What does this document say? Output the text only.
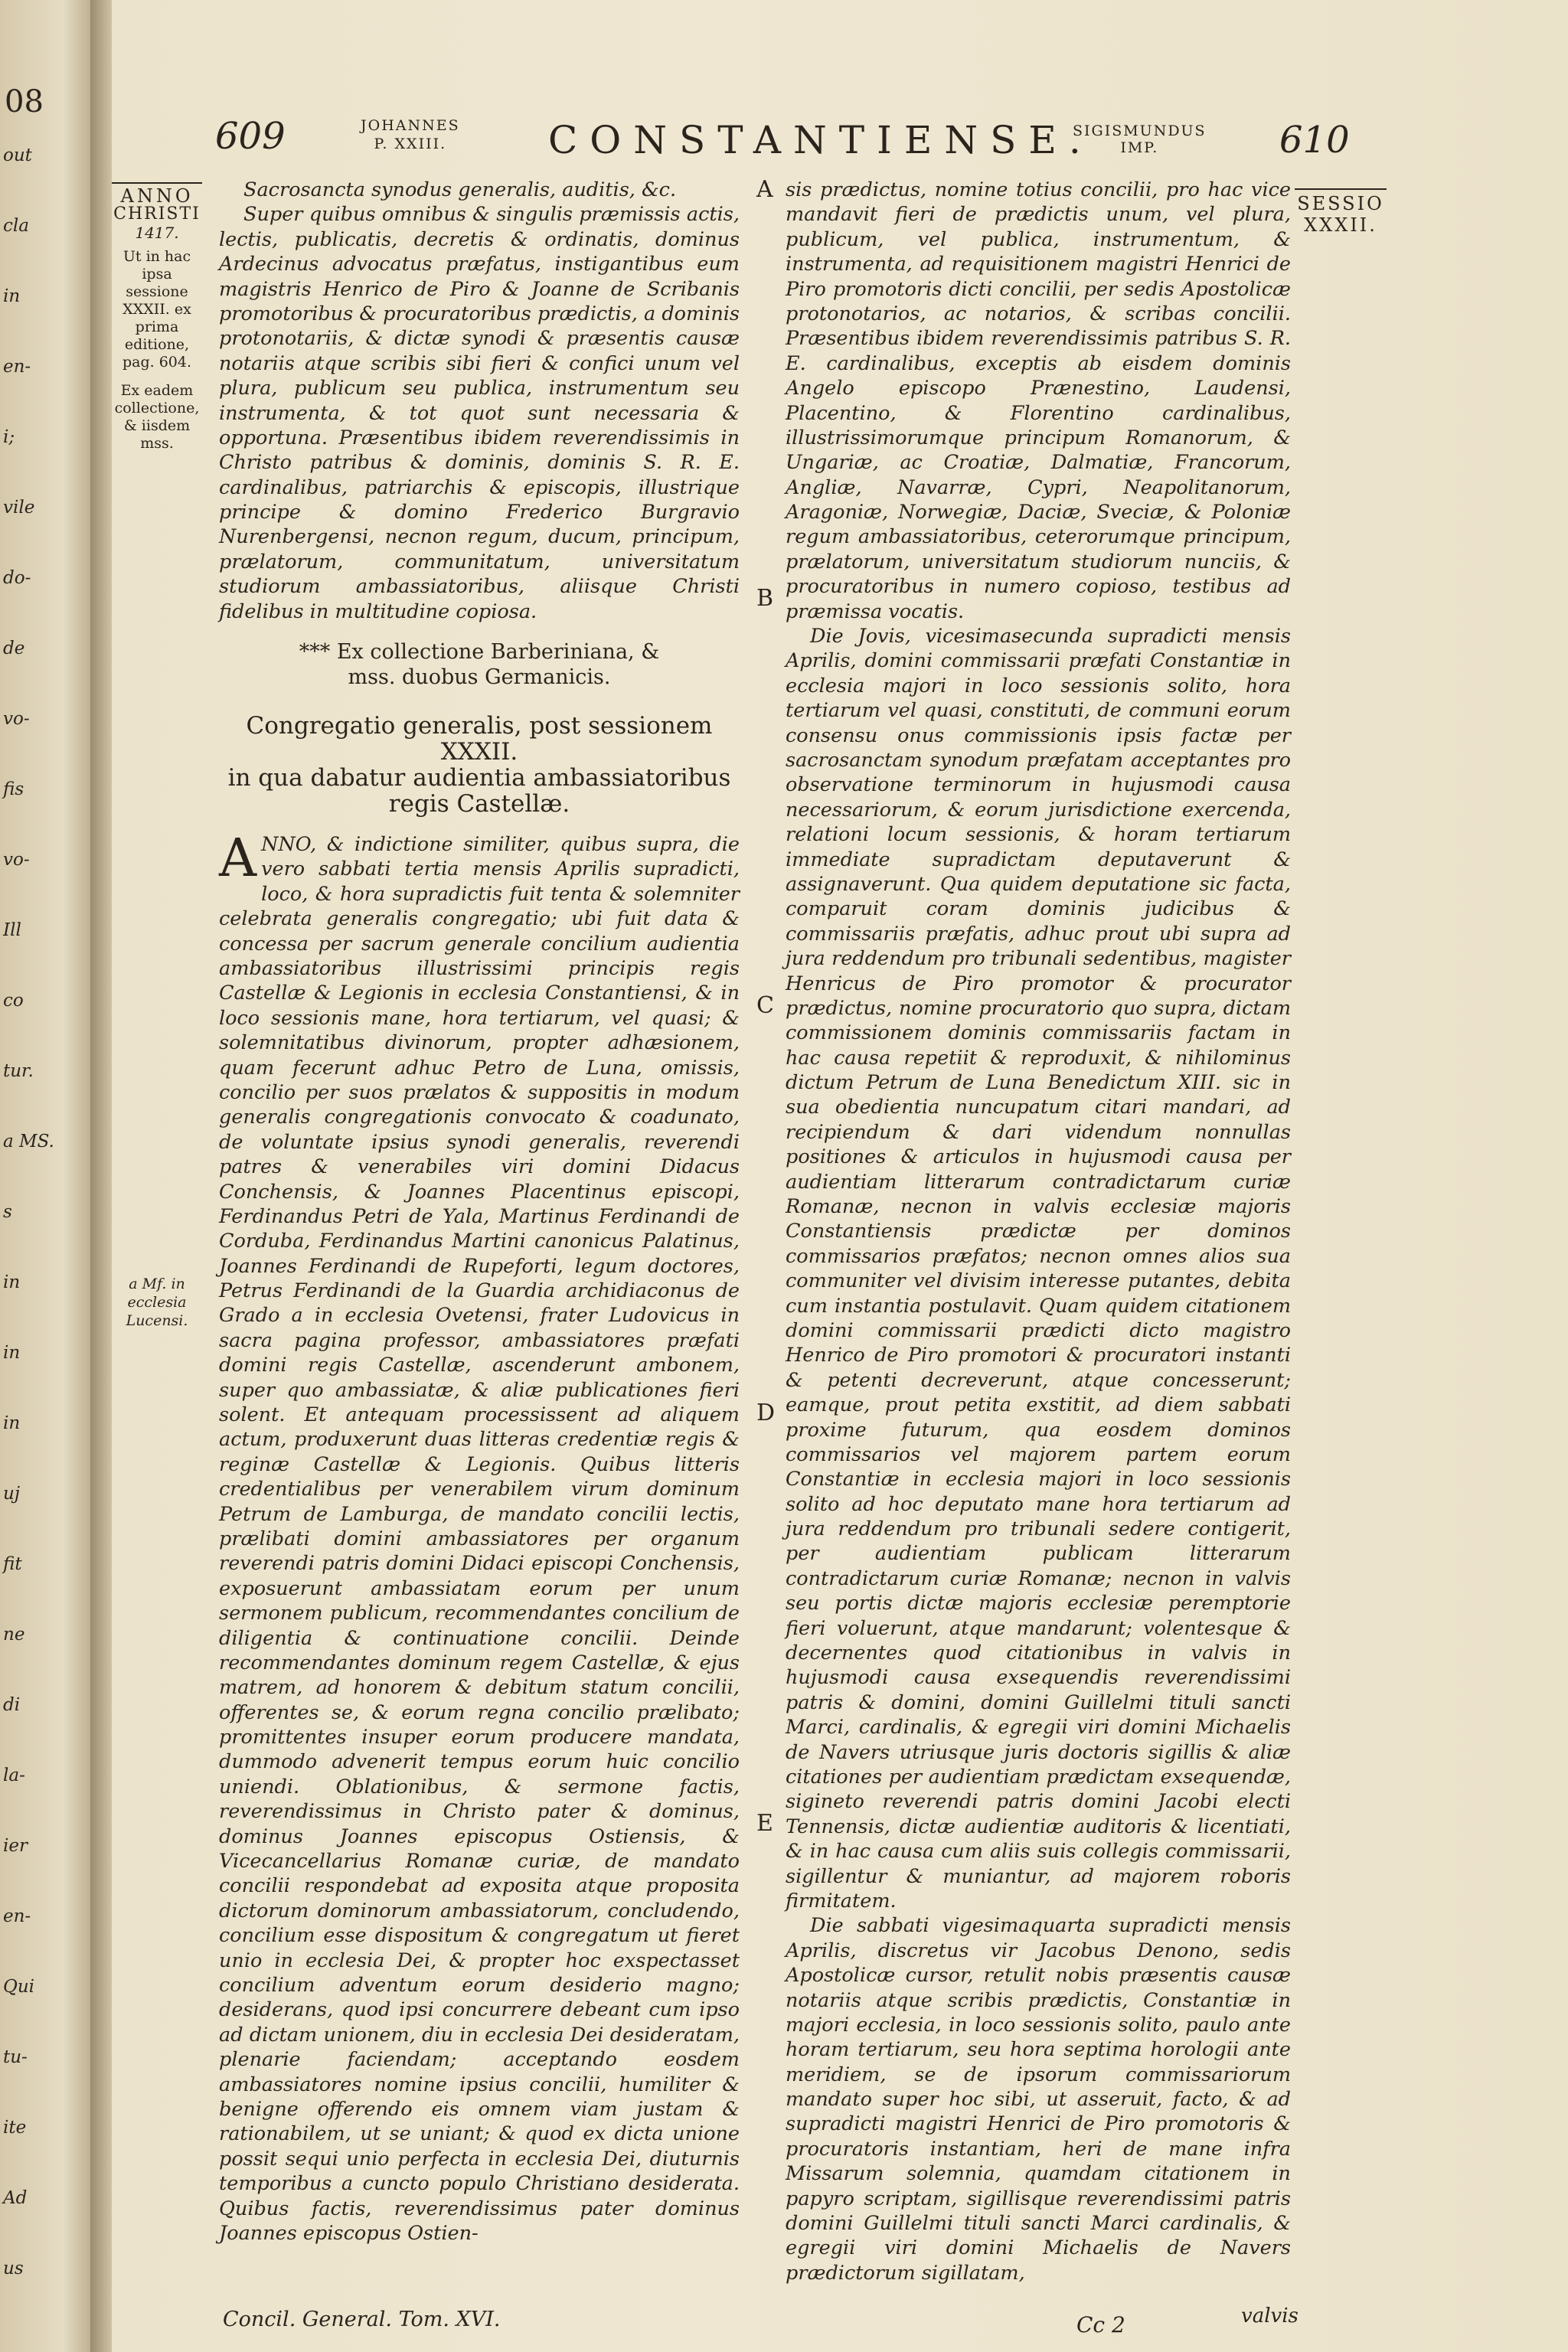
08
out
cla
in
en-
i;
vile
do-
de
vo-
fis
vo-
Ill
co
tur.
a MS.
s
in
in
in
uj
fit
ne
di
la-
ier
en-
Qui
tu-
ite
Ad
us
609	JOHANNES
P. XXIII.	CONSTANTIENSE.
SIGISMUNDUS
IMP.	610
ANNO
CHRISTI
1417.
Ut in hac ipsa sessione XXXII. ex prima editione, pag. 604.
Ex eadem collectione, & iisdem mss.
a Mf. in ecclesia Lucensi.
SESSIO
XXXII.
A
B
C
D
E

Sacrosancta synodus generalis, auditis, &c.

Super quibus omnibus & singulis præmissis actis, lectis, publicatis, decretis & ordinatis, dominus Ardecinus advocatus præfatus, instigantibus eum magistris Henrico de Piro & Joanne de Scribanis promotoribus & procuratoribus prædictis, a dominis protonotariis, & dictæ synodi & præsentis causæ notariis atque scribis sibi fieri & confici unum vel plura, publicum seu publica, instrumentum seu instrumenta, & tot quot sunt necessaria & opportuna. Præsentibus ibidem reverendissimis in Christo patribus & dominis, dominis S. R. E. cardinalibus, patriarchis & episcopis, illustrique principe & domino Frederico Burgravio Nurenbergensi, necnon regum, ducum, principum, prælatorum, communitatum, universitatum studiorum ambassiatoribus, aliisque Christi fidelibus in multitudine copiosa.

*** Ex collectione Barberiniana, &
mss. duobus Germanicis.
Congregatio generalis, post sessionem XXXII.
in qua dabatur audientia ambassiatoribus
regis Castellæ.

ANNO, & indictione similiter, quibus supra, die vero sabbati tertia mensis Aprilis supradicti, loco, & hora supradictis fuit tenta & solemniter celebrata generalis congregatio; ubi fuit data & concessa per sacrum generale concilium audientia ambassiatoribus illustrissimi principis regis Castellæ & Legionis in ecclesia Constantiensi, & in loco sessionis mane, hora tertiarum, vel quasi; & solemnitatibus divinorum, propter adhæsionem, quam fecerunt adhuc Petro de Luna, omissis, concilio per suos prælatos & suppositis in modum generalis congregationis convocato & coadunato, de voluntate ipsius synodi generalis, reverendi patres & venerabiles viri domini Didacus Conchensis, & Joannes Placentinus episcopi, Ferdinandus Petri de Yala, Martinus Ferdinandi de Corduba, Ferdinandus Martini canonicus Palatinus, Joannes Ferdinandi de Rupeforti, legum doctores, Petrus Ferdinandi de la Guardia archidiaconus de Grado a in ecclesia Ovetensi, frater Ludovicus in sacra pagina professor, ambassiatores præfati domini regis Castellæ, ascenderunt ambonem, super quo ambassiatæ, & aliæ publicationes fieri solent. Et antequam processissent ad aliquem actum, produxerunt duas litteras credentiæ regis & reginæ Castellæ & Legionis. Quibus litteris credentialibus per venerabilem virum dominum Petrum de Lamburga, de mandato concilii lectis, prælibati domini ambassiatores per organum reverendi patris domini Didaci episcopi Conchensis, exposuerunt ambassiatam eorum per unum sermonem publicum, recommendantes concilium de diligentia & continuatione concilii. Deinde recommendantes dominum regem Castellæ, & ejus matrem, ad honorem & debitum statum concilii, offerentes se, & eorum regna concilio prælibato; promittentes insuper eorum producere mandata, dummodo advenerit tempus eorum huic concilio uniendi. Oblationibus, & sermone factis, reverendissimus in Christo pater & dominus, dominus Joannes episcopus Ostiensis, & Vicecancellarius Romanæ curiæ, de mandato concilii respondebat ad exposita atque proposita dictorum dominorum ambassiatorum, concludendo, concilium esse dispositum & congregatum ut fieret unio in ecclesia Dei, & propter hoc exspectasset concilium adventum eorum desiderio magno; desiderans, quod ipsi concurrere debeant cum ipso ad dictam unionem, diu in ecclesia Dei desideratam, plenarie faciendam; acceptando eosdem ambassiatores nomine ipsius concilii, humiliter & benigne offerendo eis omnem viam justam & rationabilem, ut se uniant; & quod ex dicta unione possit sequi unio perfecta in ecclesia Dei, diuturnis temporibus a cuncto populo Christiano desiderata. Quibus factis, reverendissimus pater dominus Joannes episcopus Ostien-

sis prædictus, nomine totius concilii, pro hac vice mandavit fieri de prædictis unum, vel plura, publicum, vel publica, instrumentum, & instrumenta, ad requisitionem magistri Henrici de Piro promotoris dicti concilii, per sedis Apostolicæ protonotarios, ac notarios, & scribas concilii. Præsentibus ibidem reverendissimis patribus S. R. E. cardinalibus, exceptis ab eisdem dominis Angelo episcopo Prænestino, Laudensi, Placentino, & Florentino cardinalibus, illustrissimorumque principum Romanorum, & Ungariæ, ac Croatiæ, Dalmatiæ, Francorum, Angliæ, Navarræ, Cypri, Neapolitanorum, Aragoniæ, Norwegiæ, Daciæ, Sveciæ, & Poloniæ regum ambassiatoribus, ceterorumque principum, prælatorum, universitatum studiorum nunciis, & procuratoribus in numero copioso, testibus ad præmissa vocatis.

Die Jovis, vicesimasecunda supradicti mensis Aprilis, domini commissarii præfati Constantiæ in ecclesia majori in loco sessionis solito, hora tertiarum vel quasi, constituti, de communi eorum consensu onus commissionis ipsis factæ per sacrosanctam synodum præfatam acceptantes pro observatione terminorum in hujusmodi causa necessariorum, & eorum jurisdictione exercenda, relationi locum sessionis, & horam tertiarum immediate supradictam deputaverunt & assignaverunt. Qua quidem deputatione sic facta, comparuit coram dominis judicibus & commissariis præfatis, adhuc prout ubi supra ad jura reddendum pro tribunali sedentibus, magister Henricus de Piro promotor & procurator prædictus, nomine procuratorio quo supra, dictam commissionem dominis commissariis factam in hac causa repetiit & reproduxit, & nihilominus dictum Petrum de Luna Benedictum XIII. sic in sua obedientia nuncupatum citari mandari, ad recipiendum & dari videndum nonnullas positiones & articulos in hujusmodi causa per audientiam litterarum contradictarum curiæ Romanæ, necnon in valvis ecclesiæ majoris Constantiensis prædictæ per dominos commissarios præfatos; necnon omnes alios sua communiter vel divisim interesse putantes, debita cum instantia postulavit. Quam quidem citationem domini commissarii prædicti dicto magistro Henrico de Piro promotori & procuratori instanti & petenti decreverunt, atque concesserunt; eamque, prout petita exstitit, ad diem sabbati proxime futurum, qua eosdem dominos commissarios vel majorem partem eorum Constantiæ in ecclesia majori in loco sessionis solito ad hoc deputato mane hora tertiarum ad jura reddendum pro tribunali sedere contigerit, per audientiam publicam litterarum contradictarum curiæ Romanæ; necnon in valvis seu portis dictæ majoris ecclesiæ peremptorie fieri voluerunt, atque mandarunt; volentesque & decernentes quod citationibus in valvis in hujusmodi causa exsequendis reverendissimi patris & domini, domini Guillelmi tituli sancti Marci, cardinalis, & egregii viri domini Michaelis de Navers utriusque juris doctoris sigillis & aliæ citationes per audientiam prædictam exsequendæ, sigineto reverendi patris domini Jacobi electi Tennensis, dictæ audientiæ auditoris & licentiati, & in hac causa cum aliis suis collegis commissarii, sigillentur & muniantur, ad majorem roboris firmitatem.

Die sabbati vigesimaquarta supradicti mensis Aprilis, discretus vir Jacobus Denono, sedis Apostolicæ cursor, retulit nobis præsentis causæ notariis atque scribis prædictis, Constantiæ in majori ecclesia, in loco sessionis solito, paulo ante horam tertiarum, seu hora septima horologii ante meridiem, se de ipsorum commissariorum mandato super hoc sibi, ut asseruit, facto, & ad supradicti magistri Henrici de Piro promotoris & procuratoris instantiam, heri de mane infra Missarum solemnia, quamdam citationem in papyro scriptam, sigillisque reverendissimi patris domini Guillelmi tituli sancti Marci cardinalis, & egregii viri domini Michaelis de Navers prædictorum sigillatam,

Concil. General. Tom. XVI.	Cc 2	valvis
